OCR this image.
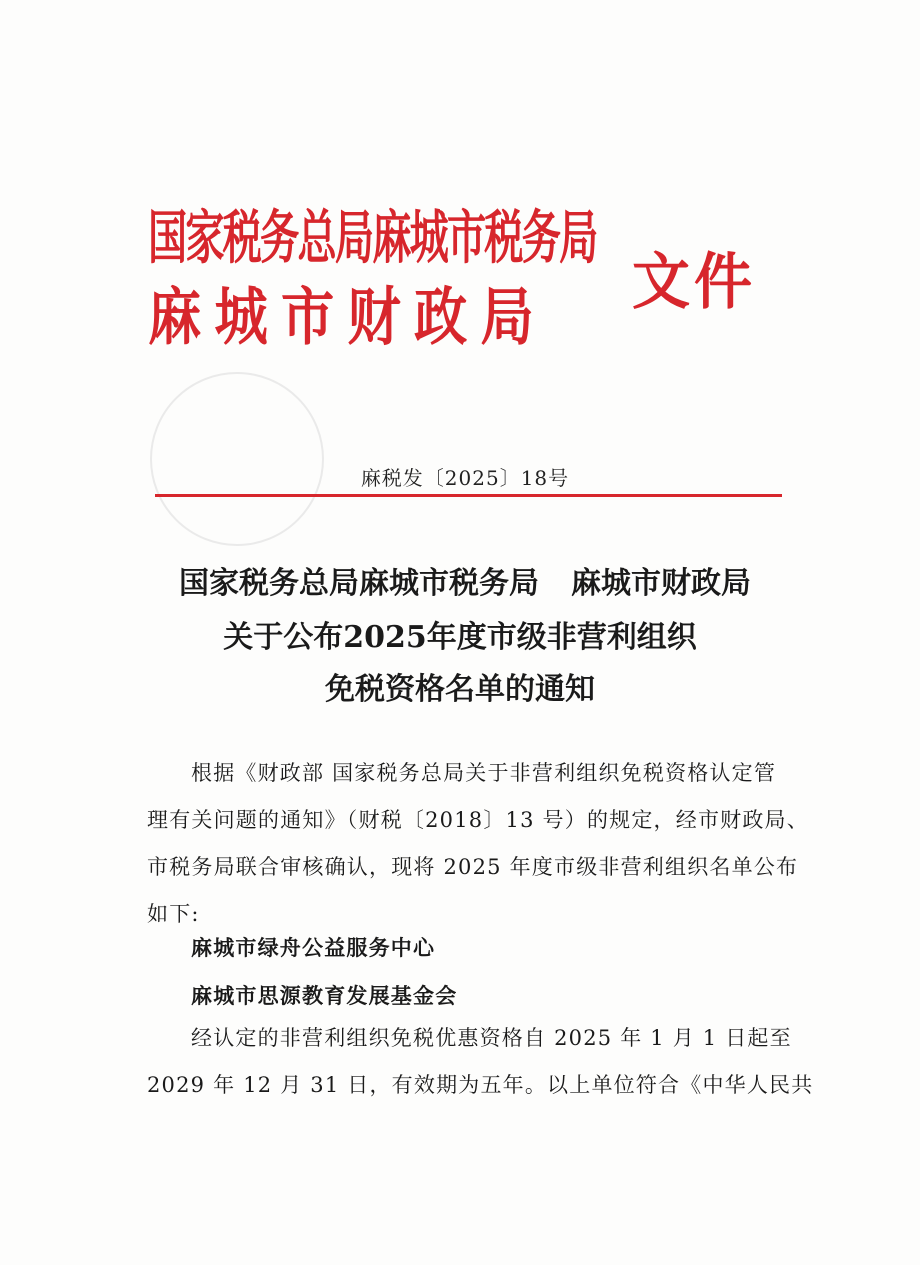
国家税务总局麻城市税务局
麻城市财政局
文件
麻税发〔2025〕18号
国家税务总局麻城市税务局 麻城市财政局
关于公布2025年度市级非营利组织
免税资格名单的通知
根据《财政部 国家税务总局关于非营利组织免税资格认定管
理有关问题的通知》（财税〔2018〕13 号）的规定，经市财政局、
市税务局联合审核确认，现将 2025 年度市级非营利组织名单公布
如下:
麻城市绿舟公益服务中心
麻城市思源教育发展基金会
经认定的非营利组织免税优惠资格自 2025 年 1 月 1 日起至
2029 年 12 月 31 日，有效期为五年。以上单位符合《中华人民共
